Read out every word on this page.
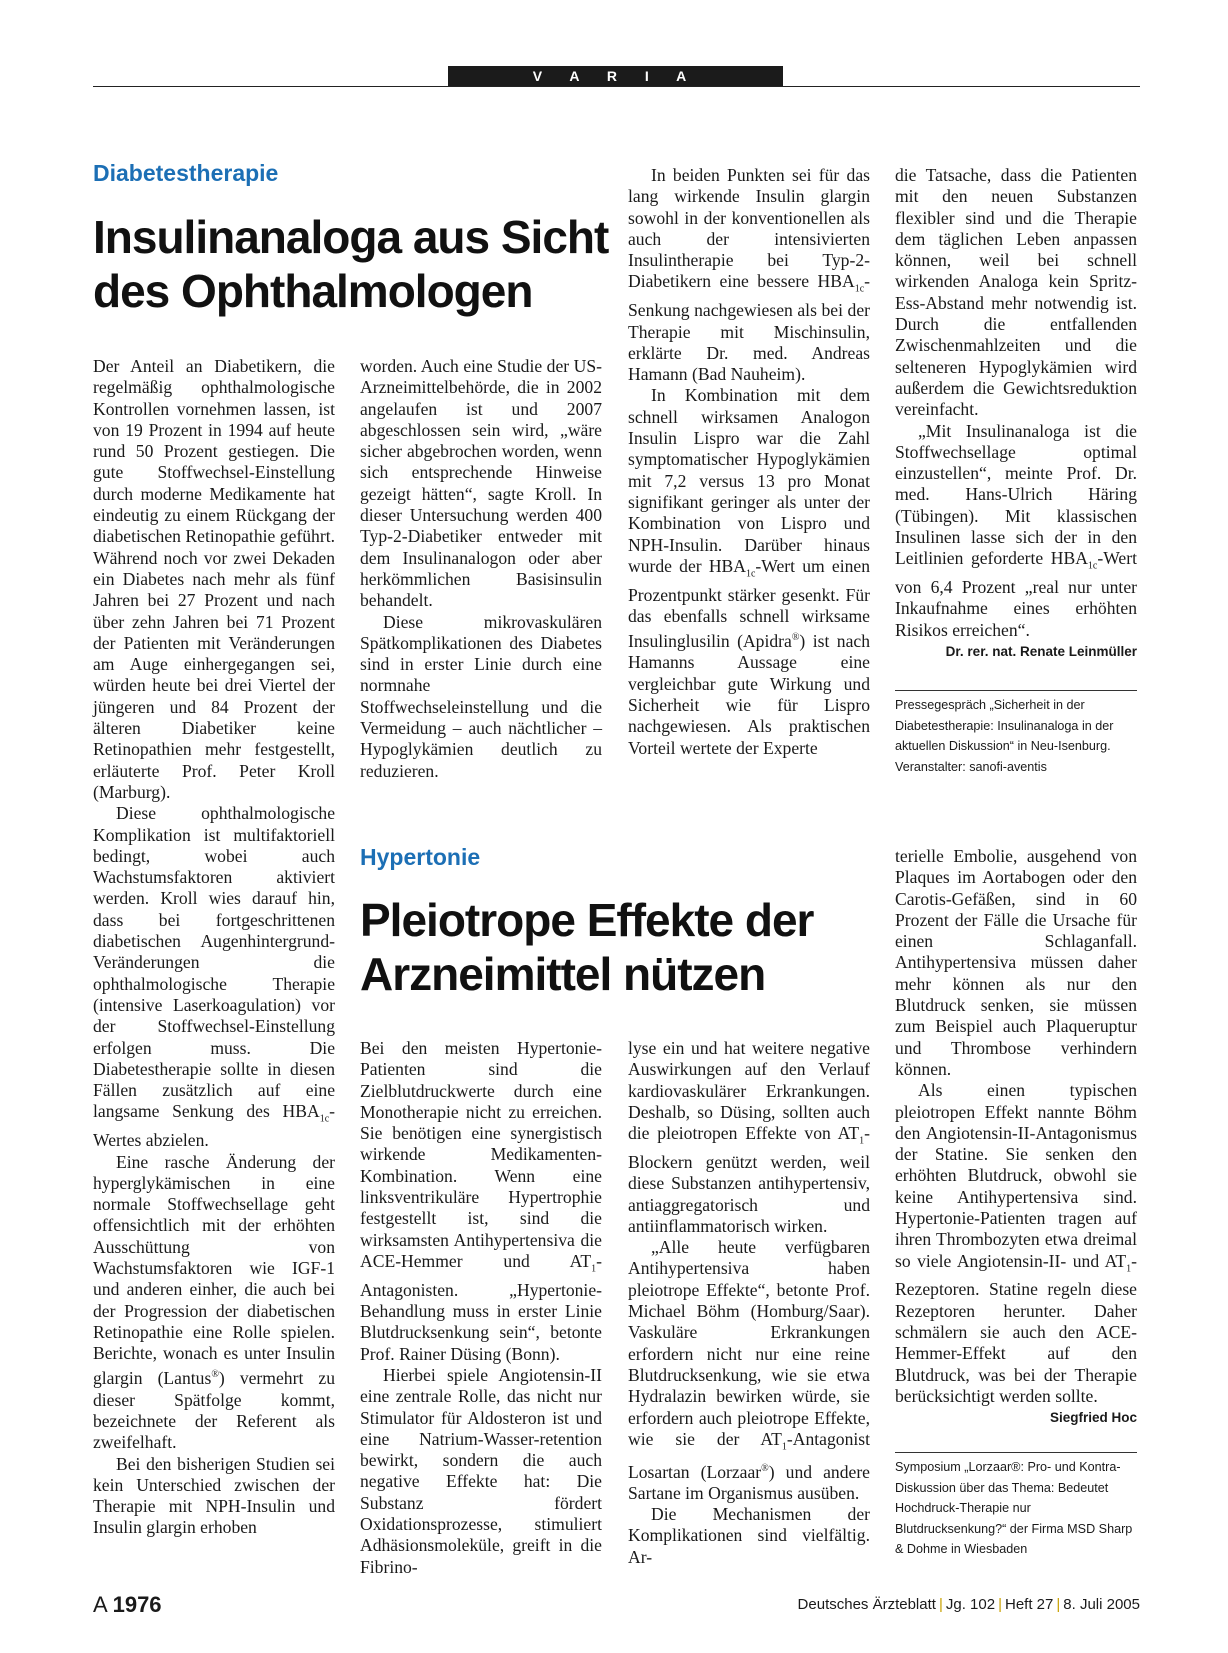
V A R I A
Diabetestherapie
Insulinanaloga aus Sicht
des Ophthalmologen

Der Anteil an Diabetikern, die regelmäßig ophthalmologische Kontrollen vornehmen lassen, ist von 19 Prozent in 1994 auf heute rund 50 Prozent gestiegen. Die gute Stoffwechsel-Einstellung durch moderne Medikamente hat eindeutig zu einem Rückgang der diabetischen Retinopathie geführt. Während noch vor zwei Dekaden ein Diabetes nach mehr als fünf Jahren bei 27 Prozent und nach über zehn Jahren bei 71 Prozent der Patienten mit Veränderungen am Auge einhergegangen sei, würden heute bei drei Viertel der jüngeren und 84 Prozent der älteren Diabetiker keine Retinopathien mehr festgestellt, erläuterte Prof. Peter Kroll (Marburg).

Diese ophthalmologische Komplikation ist multifaktoriell bedingt, wobei auch Wachstumsfaktoren aktiviert werden. Kroll wies darauf hin, dass bei fortgeschrittenen diabetischen Augenhintergrund-Veränderungen die ophthalmologische Therapie (intensive Laserkoagulation) vor der Stoffwechsel-Einstellung erfolgen muss. Die Diabetestherapie sollte in diesen Fällen zusätzlich auf eine langsame Senkung des $HBA_{1c}$-Wertes abzielen.

Eine rasche Änderung der hyperglykämischen in eine normale Stoffwechsellage geht offensichtlich mit der erhöhten Ausschüttung von Wachstumsfaktoren wie IGF-1 und anderen einher, die auch bei der Progression der diabetischen Retinopathie eine Rolle spielen. Berichte, wonach es unter Insulin glargin (Lantus®) vermehrt zu dieser Spätfolge kommt, bezeichnete der Referent als zweifelhaft.

Bei den bisherigen Studien sei kein Unterschied zwischen der Therapie mit NPH-Insulin und Insulin glargin erhoben

worden. Auch eine Studie der US-Arzneimittelbehörde, die in 2002 angelaufen ist und 2007 abgeschlossen sein wird, „wäre sicher abgebrochen worden, wenn sich entsprechende Hinweise gezeigt hätten“, sagte Kroll. In dieser Untersuchung werden 400 Typ-2-Diabetiker entweder mit dem Insulinanalogon oder aber herkömmlichen Basisinsulin behandelt.

Diese mikrovaskulären Spätkomplikationen des Diabetes sind in erster Linie durch eine normnahe Stoffwechseleinstellung und die Vermeidung – auch nächtlicher – Hypoglykämien deutlich zu reduzieren.

In beiden Punkten sei für das lang wirkende Insulin glargin sowohl in der konventionellen als auch der intensivierten Insulintherapie bei Typ-2-Diabetikern eine bessere $HBA_{1c}$-Senkung nachgewiesen als bei der Therapie mit Mischinsulin, erklärte Dr. med. Andreas Hamann (Bad Nauheim).

In Kombination mit dem schnell wirksamen Analogon Insulin Lispro war die Zahl symptomatischer Hypoglykämien mit 7,2 versus 13 pro Monat signifikant geringer als unter der Kombination von Lispro und NPH-Insulin. Darüber hinaus wurde der $HBA_{1c}$-Wert um einen Prozentpunkt stärker gesenkt. Für das ebenfalls schnell wirksame Insulinglusilin (Apidra®) ist nach Hamanns Aussage eine vergleichbar gute Wirkung und Sicherheit wie für Lispro nachgewiesen. Als praktischen Vorteil wertete der Experte

die Tatsache, dass die Patienten mit den neuen Substanzen flexibler sind und die Therapie dem täglichen Leben anpassen können, weil bei schnell wirkenden Analoga kein Spritz-Ess-Abstand mehr notwendig ist. Durch die entfallenden Zwischenmahlzeiten und die selteneren Hypoglykämien wird außerdem die Gewichtsreduktion vereinfacht.

„Mit Insulinanaloga ist die Stoffwechsellage optimal einzustellen“, meinte Prof. Dr. med. Hans-Ulrich Häring (Tübingen). Mit klassischen Insulinen lasse sich der in den Leitlinien geforderte $HBA_{1c}$-Wert von 6,4 Prozent „real nur unter Inkaufnahme eines erhöhten Risikos erreichen“.

Dr. rer. nat. Renate Leinmüller
Pressegespräch „Sicherheit in der Diabetestherapie: Insulinanaloga in der aktuellen Diskussion“ in Neu-Isenburg. Veranstalter: sanofi-aventis
Hypertonie
Pleiotrope Effekte der
Arzneimittel nützen

Bei den meisten Hypertonie-Patienten sind die Zielblutdruckwerte durch eine Monotherapie nicht zu erreichen. Sie benötigen eine synergistisch wirkende Medikamenten-Kombination. Wenn eine linksventrikuläre Hypertrophie festgestellt ist, sind die wirksamsten Antihypertensiva die ACE-Hemmer und $AT_1$-Antagonisten. „Hypertonie-Behandlung muss in erster Linie Blutdrucksenkung sein“, betonte Prof. Rainer Düsing (Bonn).

Hierbei spiele Angiotensin-II eine zentrale Rolle, das nicht nur Stimulator für Aldosteron ist und eine Natrium-Wasser-retention bewirkt, sondern die auch negative Effekte hat: Die Substanz fördert Oxidationsprozesse, stimuliert Adhäsionsmoleküle, greift in die Fibrino-

lyse ein und hat weitere negative Auswirkungen auf den Verlauf kardiovaskulärer Erkrankungen. Deshalb, so Düsing, sollten auch die pleiotropen Effekte von $AT_1$-Blockern genützt werden, weil diese Substanzen antihypertensiv, antiaggregatorisch und antiinflammatorisch wirken.

„Alle heute verfügbaren Antihypertensiva haben pleiotrope Effekte“, betonte Prof. Michael Böhm (Homburg/Saar). Vaskuläre Erkrankungen erfordern nicht nur eine reine Blutdrucksenkung, wie sie etwa Hydralazin bewirken würde, sie erfordern auch pleiotrope Effekte, wie sie der $AT_1$-Antagonist Losartan (Lorzaar®) und andere Sartane im Organismus ausüben.

Die Mechanismen der Komplikationen sind vielfältig. Ar-

terielle Embolie, ausgehend von Plaques im Aortabogen oder den Carotis-Gefäßen, sind in 60 Prozent der Fälle die Ursache für einen Schlaganfall. Antihypertensiva müssen daher mehr können als nur den Blutdruck senken, sie müssen zum Beispiel auch Plaqueruptur und Thrombose verhindern können.

Als einen typischen pleiotropen Effekt nannte Böhm den Angiotensin-II-Antagonismus der Statine. Sie senken den erhöhten Blutdruck, obwohl sie keine Antihypertensiva sind. Hypertonie-Patienten tragen auf ihren Thrombozyten etwa dreimal so viele Angiotensin-II- und $AT_1$-Rezeptoren. Statine regeln diese Rezeptoren herunter. Daher schmälern sie auch den ACE-Hemmer-Effekt auf den Blutdruck, was bei der Therapie berücksichtigt werden sollte.

Siegfried Hoc
Symposium „Lorzaar®: Pro- und Kontra-Diskussion über das Thema: Bedeutet Hochdruck-Therapie nur Blutdrucksenkung?“ der Firma MSD Sharp & Dohme in Wiesbaden
A 1976	Deutsches Ärzteblatt | Jg. 102 | Heft 27 | 8. Juli 2005
